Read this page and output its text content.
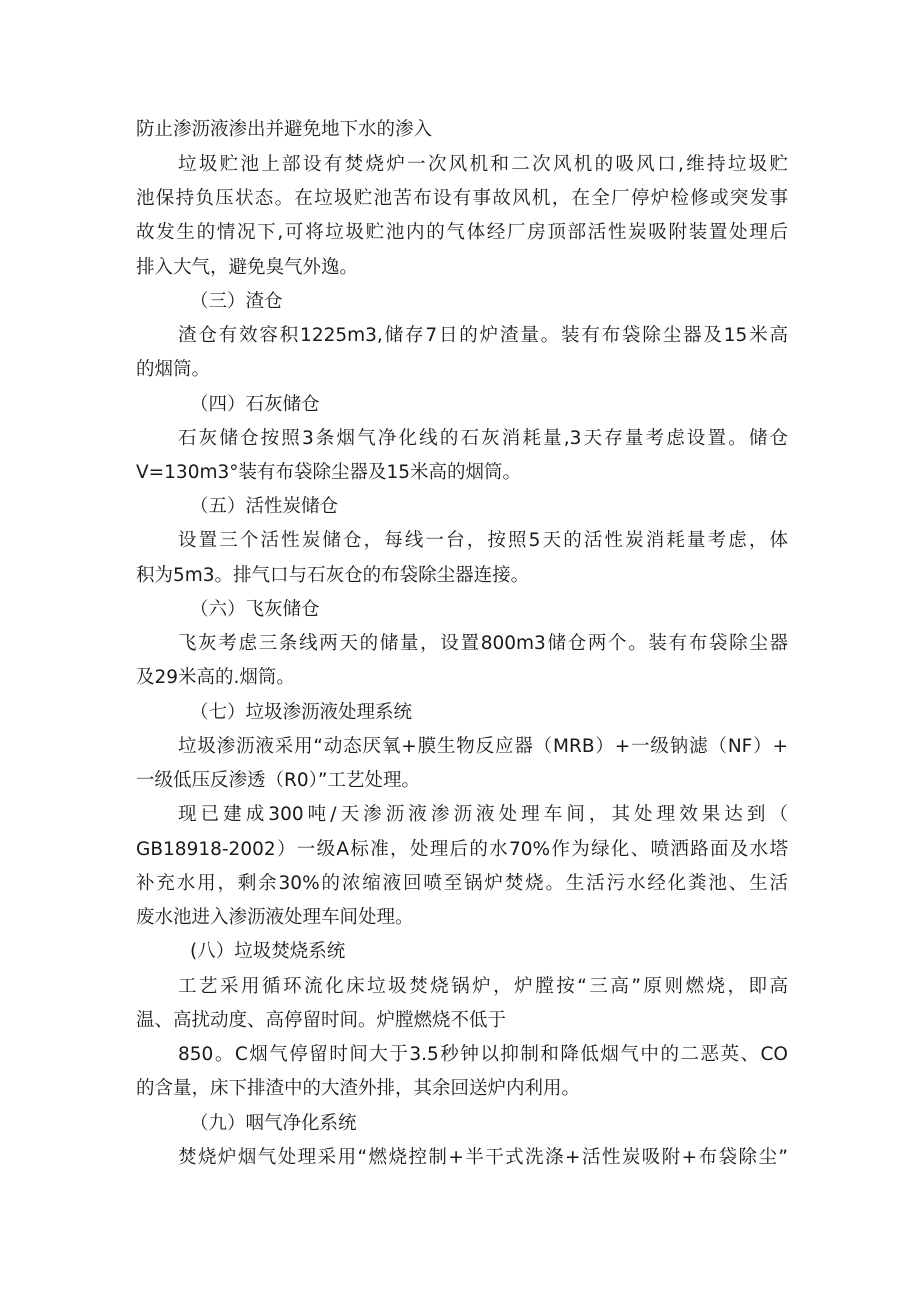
防止渗沥液渗出并避免地下水的渗入
垃圾贮池上部设有焚烧炉一次风机和二次风机的吸风口,维持垃圾贮
池保持负压状态。在垃圾贮池苦布设有事故风机，在全厂停炉检修或突发事
故发生的情况下,可将垃圾贮池内的气体经厂房顶部活性炭吸附装置处理后
排入大气，避免臭气外逸。
（三）渣仓
渣仓有效容积1225m3,储存7日的炉渣量。装有布袋除尘器及15米高
的烟筒。
（四）石灰储仓
石灰储仓按照3条烟气净化线的石灰消耗量,3天存量考虑设置。储仓
V=130m3°装有布袋除尘器及15米高的烟筒。
（五）活性炭储仓
设置三个活性炭储仓，每线一台，按照5天的活性炭消耗量考虑，体
积为5m3。排气口与石灰仓的布袋除尘器连接。
（六）飞灰储仓
飞灰考虑三条线两天的储量，设置800m3储仓两个。装有布袋除尘器
及29米高的.烟筒。
（七）垃圾渗沥液处理系统
垃圾渗沥液采用“动态厌氧+膜生物反应器（MRB）+一级钠滤（NF）+
一级低压反渗透（R0）”工艺处理。
现已建成300吨/天渗沥液渗沥液处理车间，其处理效果达到（
GB18918-2002）一级A标准，处理后的水70%作为绿化、喷洒路面及水塔
补充水用，剩余30%的浓缩液回喷至锅炉焚烧。生活污水经化粪池、生活
废水池进入渗沥液处理车间处理。
(八）垃圾焚烧系统
工艺采用循环流化床垃圾焚烧锅炉，炉膛按“三高”原则燃烧，即高
温、高扰动度、高停留时间。炉膛燃烧不低于
850。C烟气停留时间大于3.5秒钟以抑制和降低烟气中的二恶英、CO
的含量，床下排渣中的大渣外排，其余回送炉内利用。
（九）咽气净化系统
焚烧炉烟气处理采用“燃烧控制+半干式洗涤+活性炭吸附+布袋除尘”
